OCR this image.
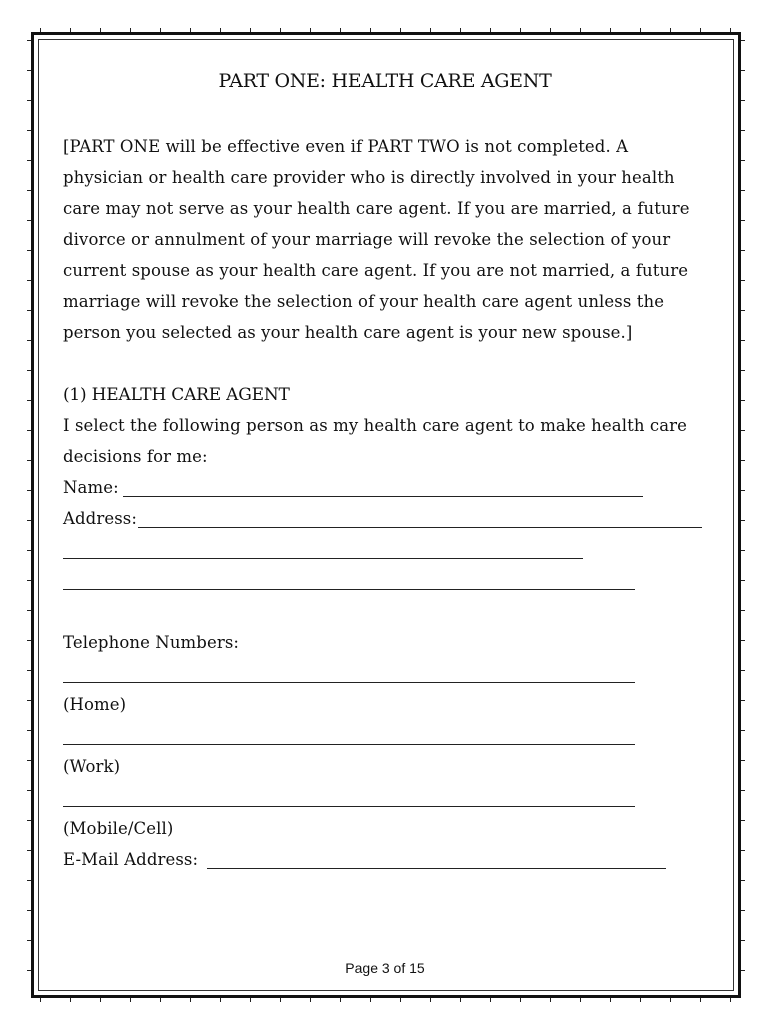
PART ONE: HEALTH CARE AGENT
[PART ONE will be effective even if PART TWO is not completed. A
physician or health care provider who is directly involved in your health
care may not serve as your health care agent. If you are married, a future
divorce or annulment of your marriage will revoke the selection of your
current spouse as your health care agent. If you are not married, a future
marriage will revoke the selection of your health care agent unless the
person you selected as your health care agent is your new spouse.]
(1) HEALTH CARE AGENT
I select the following person as my health care agent to make health care
decisions for me:
Name:
Address:
Telephone Numbers:
(Home)
(Work)
(Mobile/Cell)
E-Mail Address:
Page 3 of 15
